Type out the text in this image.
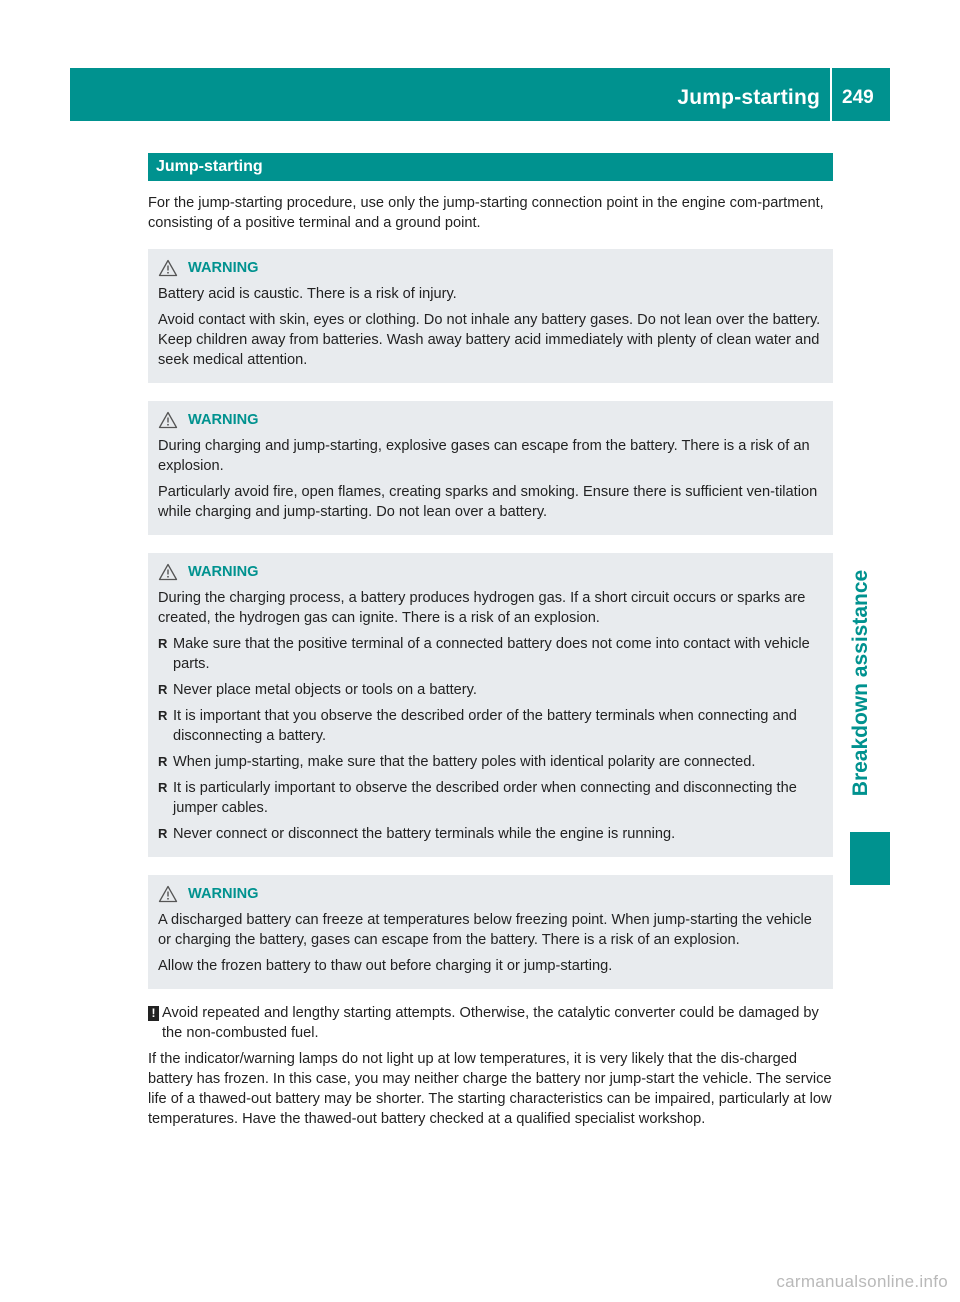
Jump-starting 249
Breakdown assistance
Jump-starting

For the jump-starting procedure, use only the jump-starting connection point in the engine com-partment, consisting of a positive terminal and a ground point.

WARNING

Battery acid is caustic. There is a risk of injury.

Avoid contact with skin, eyes or clothing. Do not inhale any battery gases. Do not lean over the battery. Keep children away from batteries. Wash away battery acid immediately with plenty of clean water and seek medical attention.

WARNING

During charging and jump-starting, explosive gases can escape from the battery. There is a risk of an explosion.

Particularly avoid fire, open flames, creating sparks and smoking. Ensure there is sufficient ven-tilation while charging and jump-starting. Do not lean over a battery.

WARNING

During the charging process, a battery produces hydrogen gas. If a short circuit occurs or sparks are created, the hydrogen gas can ignite. There is a risk of an explosion.

R Make sure that the positive terminal of a connected battery does not come into contact with vehicle parts.
R Never place metal objects or tools on a battery.
R It is important that you observe the described order of the battery terminals when connecting and disconnecting a battery.
R When jump-starting, make sure that the battery poles with identical polarity are connected.
R It is particularly important to observe the described order when connecting and disconnecting the jumper cables.
R Never connect or disconnect the battery terminals while the engine is running.
WARNING

A discharged battery can freeze at temperatures below freezing point. When jump-starting the vehicle or charging the battery, gases can escape from the battery. There is a risk of an explosion.

Allow the frozen battery to thaw out before charging it or jump-starting.

! Avoid repeated and lengthy starting attempts. Otherwise, the catalytic converter could be damaged by the non-combusted fuel.

If the indicator/warning lamps do not light up at low temperatures, it is very likely that the dis-charged battery has frozen. In this case, you may neither charge the battery nor jump-start the vehicle. The service life of a thawed-out battery may be shorter. The starting characteristics can be impaired, particularly at low temperatures. Have the thawed-out battery checked at a qualified specialist workshop.

carmanualsonline.info
